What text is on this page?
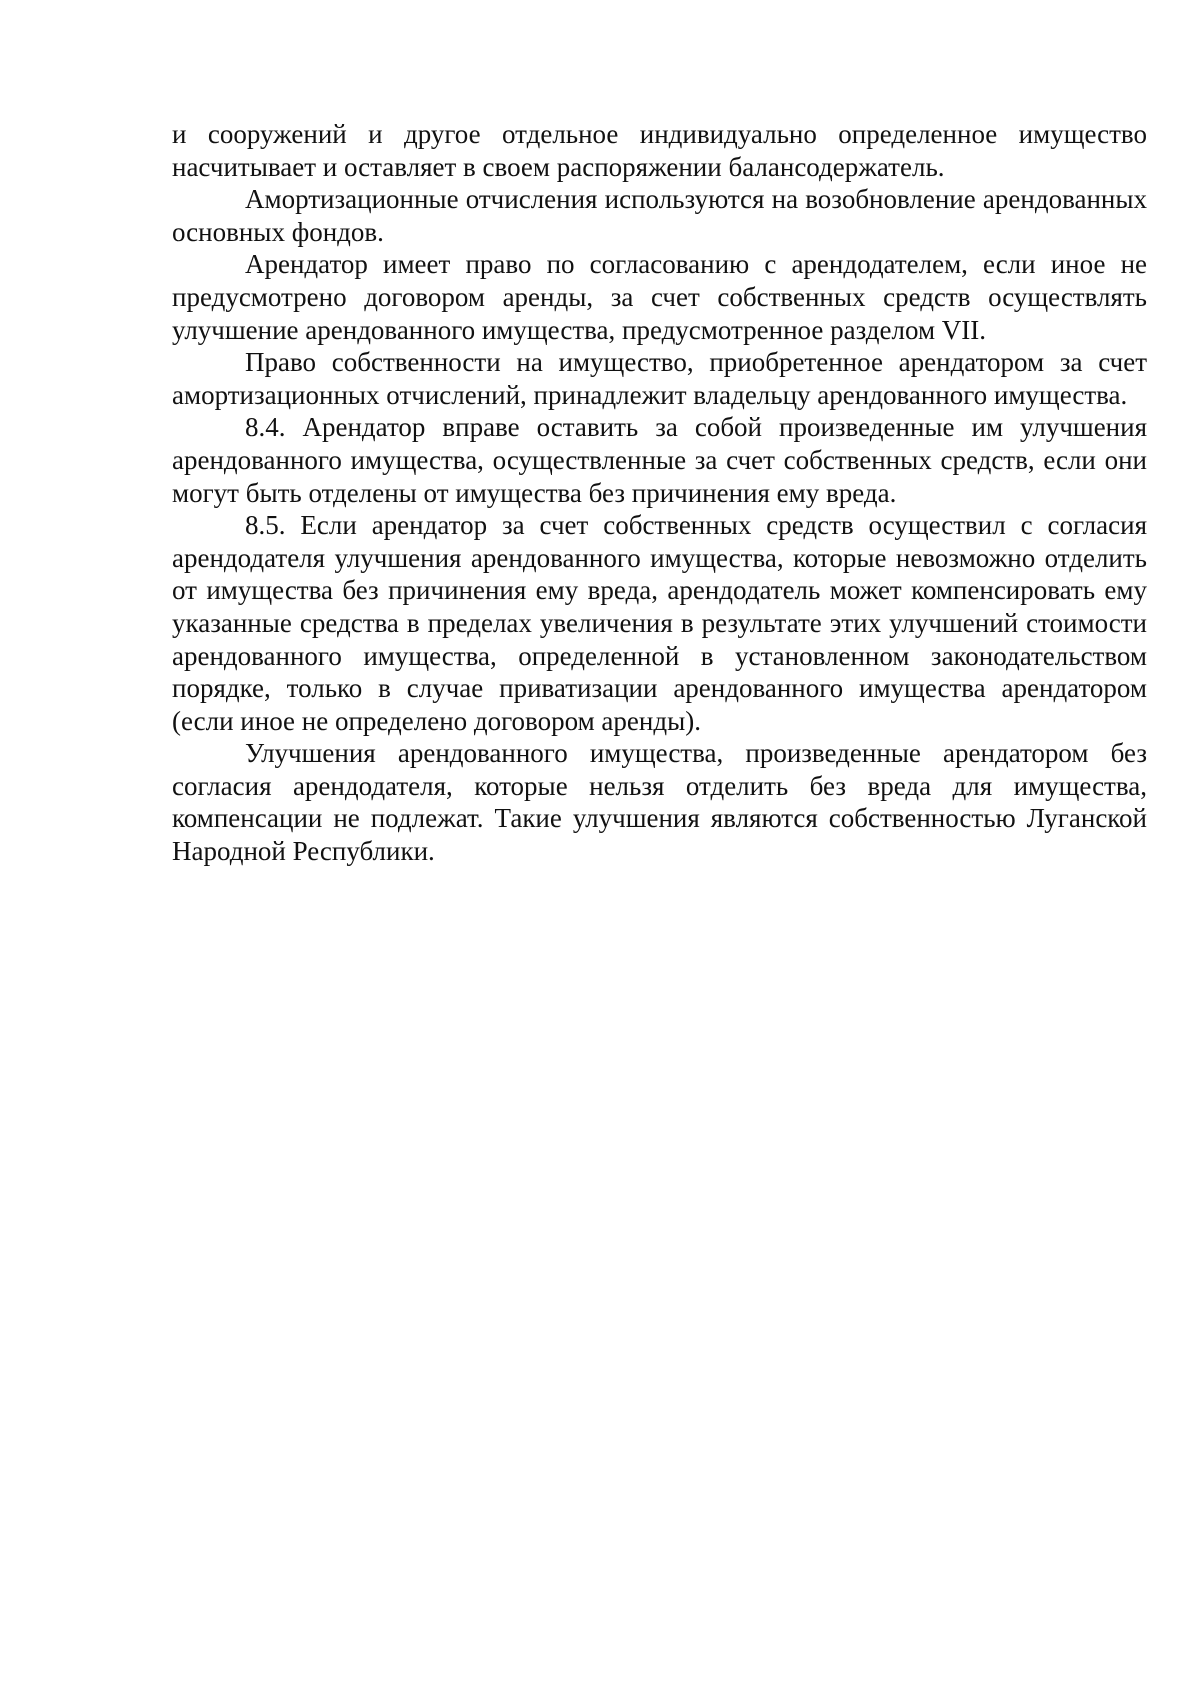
и сооружений и другое отдельное индивидуально определенное имущество насчитывает и оставляет в своем распоряжении балансодержатель.

Амортизационные отчисления используются на возобновление арендованных основных фондов.

Арендатор имеет право по согласованию с арендодателем, если иное не предусмотрено договором аренды, за счет собственных средств осуществлять улучшение арендованного имущества, предусмотренное разделом VII.

Право собственности на имущество, приобретенное арендатором за счет амортизационных отчислений, принадлежит владельцу арендованного имущества.

8.4. Арендатор вправе оставить за собой произведенные им улучшения арендованного имущества, осуществленные за счет собственных средств, если они могут быть отделены от имущества без причинения ему вреда.

8.5. Если арендатор за счет собственных средств осуществил с согласия арендодателя улучшения арендованного имущества, которые невозможно отделить от имущества без причинения ему вреда, арендодатель может компенсировать ему указанные средства в пределах увеличения в результате этих улучшений стоимости арендованного имущества, определенной в установленном законодательством порядке, только в случае приватизации арендованного имущества арендатором (если иное не определено договором аренды).

Улучшения арендованного имущества, произведенные арендатором без согласия арендодателя, которые нельзя отделить без вреда для имущества, компенсации не подлежат. Такие улучшения являются собственностью Луганской Народной Республики.
